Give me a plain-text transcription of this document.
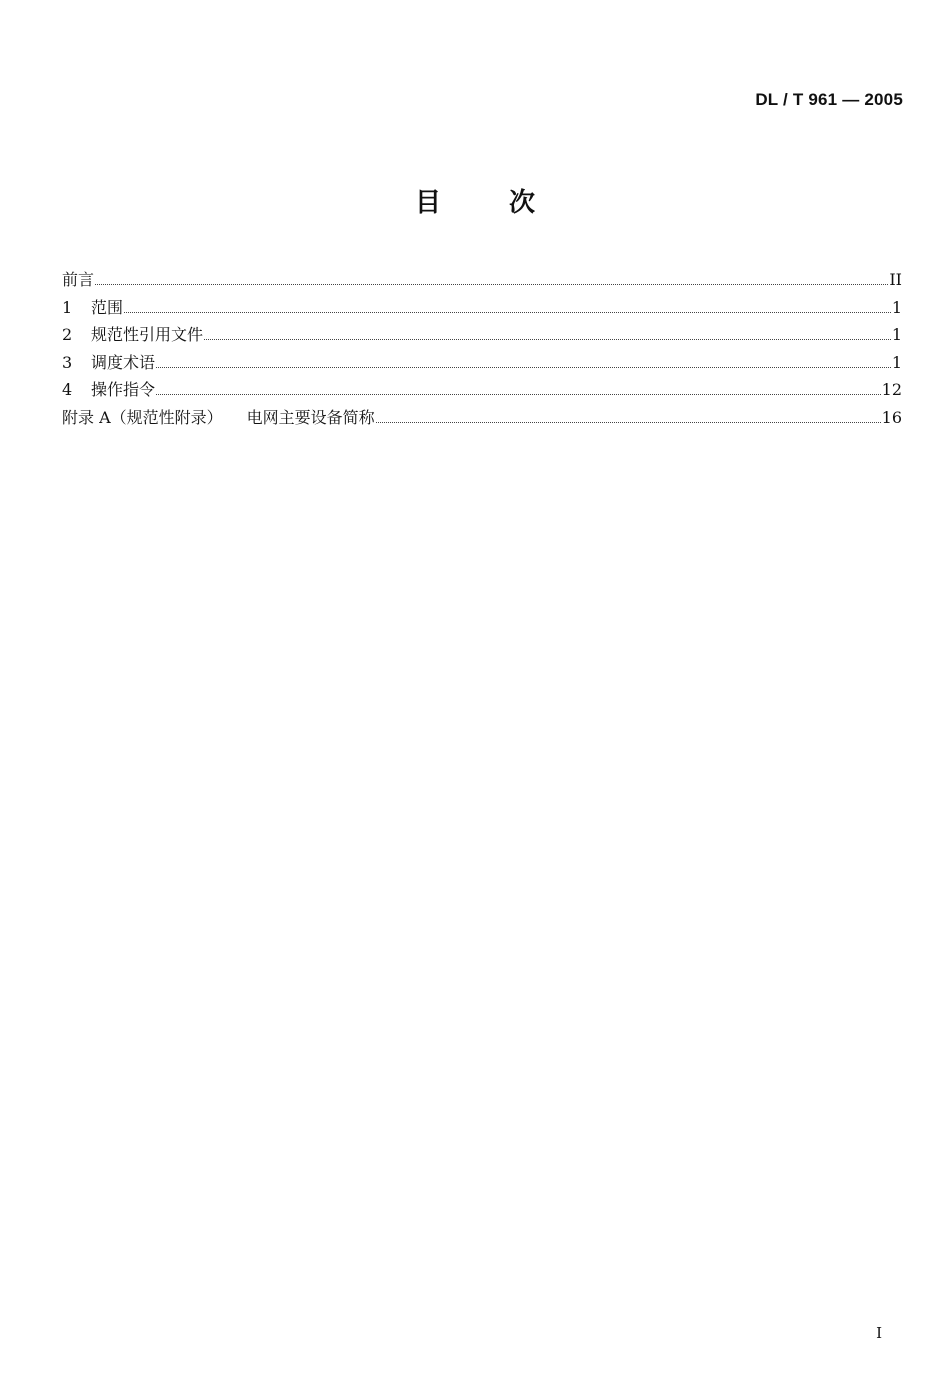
DL / T 961 — 2005
目	次
前言	II
1	范围	1
2	规范性引用文件	1
3	调度术语	1
4	操作指令	12
附录 A（规范性附录） 电网主要设备简称	16
I
